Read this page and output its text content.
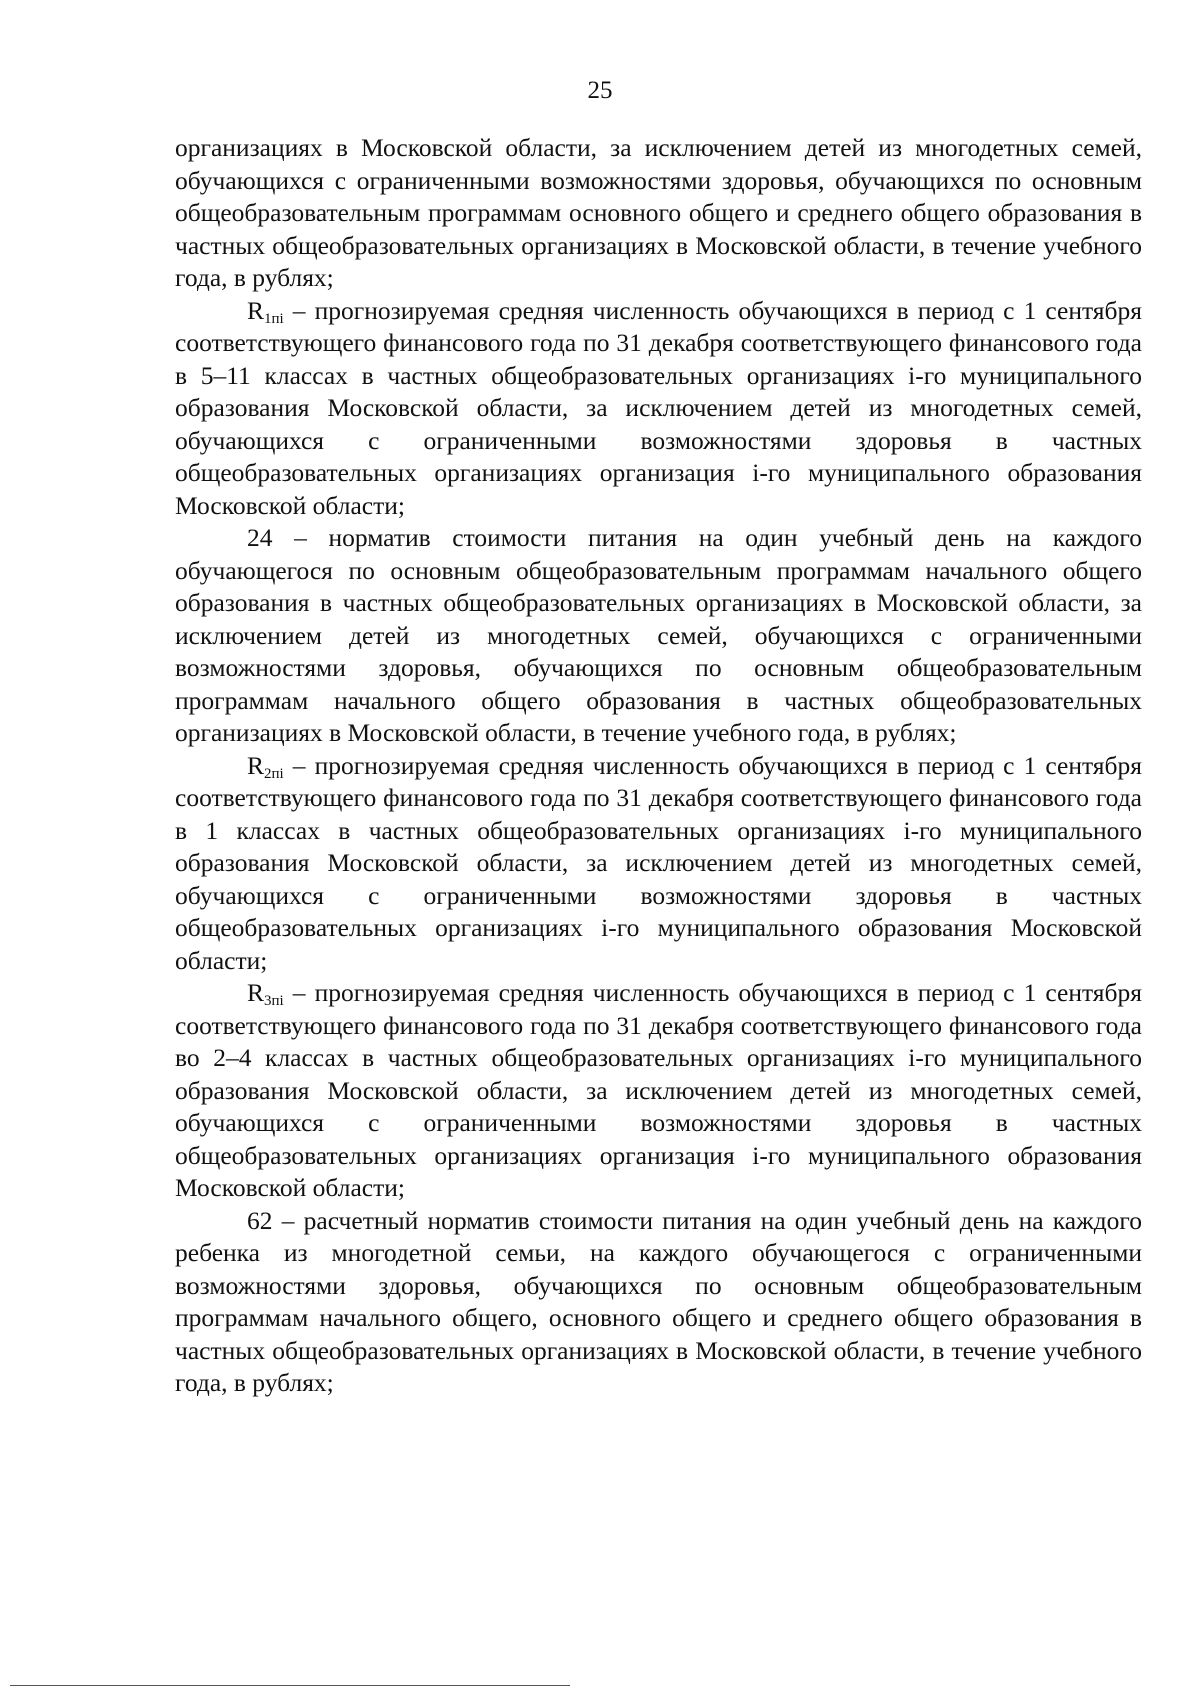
25

организациях в Московской области, за исключением детей из многодетных семей, обучающихся с ограниченными возможностями здоровья, обучающихся по основным общеобразовательным программам основного общего и среднего общего образования в частных общеобразовательных организациях в Московской области, в течение учебного года, в рублях;

$R_{1пi}$ – прогнозируемая средняя численность обучающихся в период с 1 сентября соответствующего финансового года по 31 декабря соответствующего финансового года в 5–11 классах в частных общеобразовательных организациях i-го муниципального образования Московской области, за исключением детей из многодетных семей, обучающихся с ограниченными возможностями здоровья в частных общеобразовательных организациях организация i-го муниципального образования Московской области;

24 – норматив стоимости питания на один учебный день на каждого обучающегося по основным общеобразовательным программам начального общего образования в частных общеобразовательных организациях в Московской области, за исключением детей из многодетных семей, обучающихся с ограниченными возможностями здоровья, обучающихся по основным общеобразовательным программам начального общего образования в частных общеобразовательных организациях в Московской области, в течение учебного года, в рублях;

$R_{2пi}$ – прогнозируемая средняя численность обучающихся в период с 1 сентября соответствующего финансового года по 31 декабря соответствующего финансового года в 1 классах в частных общеобразовательных организациях i-го муниципального образования Московской области, за исключением детей из многодетных семей, обучающихся с ограниченными возможностями здоровья в частных общеобразовательных организациях i-го муниципального образования Московской области;

$R_{3пi}$ – прогнозируемая средняя численность обучающихся в период с 1 сентября соответствующего финансового года по 31 декабря соответствующего финансового года во 2–4 классах в частных общеобразовательных организациях i-го муниципального образования Московской области, за исключением детей из многодетных семей, обучающихся с ограниченными возможностями здоровья в частных общеобразовательных организациях организация i-го муниципального образования Московской области;

62 – расчетный норматив стоимости питания на один учебный день на каждого ребенка из многодетной семьи, на каждого обучающегося с ограниченными возможностями здоровья, обучающихся по основным общеобразовательным программам начального общего, основного общего и среднего общего образования в частных общеобразовательных организациях в Московской области, в течение учебного года, в рублях;
